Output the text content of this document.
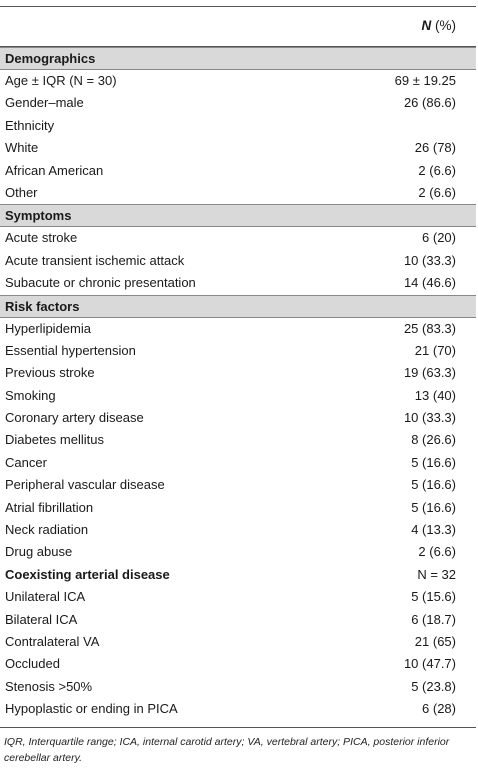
N (%)
Demographics
Age ± IQR (N = 30)	69 ± 19.25
Gender–male	26 (86.6)
Ethnicity
White	26 (78)
African American	2 (6.6)
Other	2 (6.6)
Symptoms
Acute stroke	6 (20)
Acute transient ischemic attack	10 (33.3)
Subacute or chronic presentation	14 (46.6)
Risk factors
Hyperlipidemia	25 (83.3)
Essential hypertension	21 (70)
Previous stroke	19 (63.3)
Smoking	13 (40)
Coronary artery disease	10 (33.3)
Diabetes mellitus	8 (26.6)
Cancer	5 (16.6)
Peripheral vascular disease	5 (16.6)
Atrial fibrillation	5 (16.6)
Neck radiation	4 (13.3)
Drug abuse	2 (6.6)
Coexisting arterial disease	N = 32
Unilateral ICA	5 (15.6)
Bilateral ICA	6 (18.7)
Contralateral VA	21 (65)
Occluded	10 (47.7)
Stenosis >50%	5 (23.8)
Hypoplastic or ending in PICA	6 (28)
IQR, Interquartile range; ICA, internal carotid artery; VA, vertebral artery; PICA, posterior inferior cerebellar artery.
